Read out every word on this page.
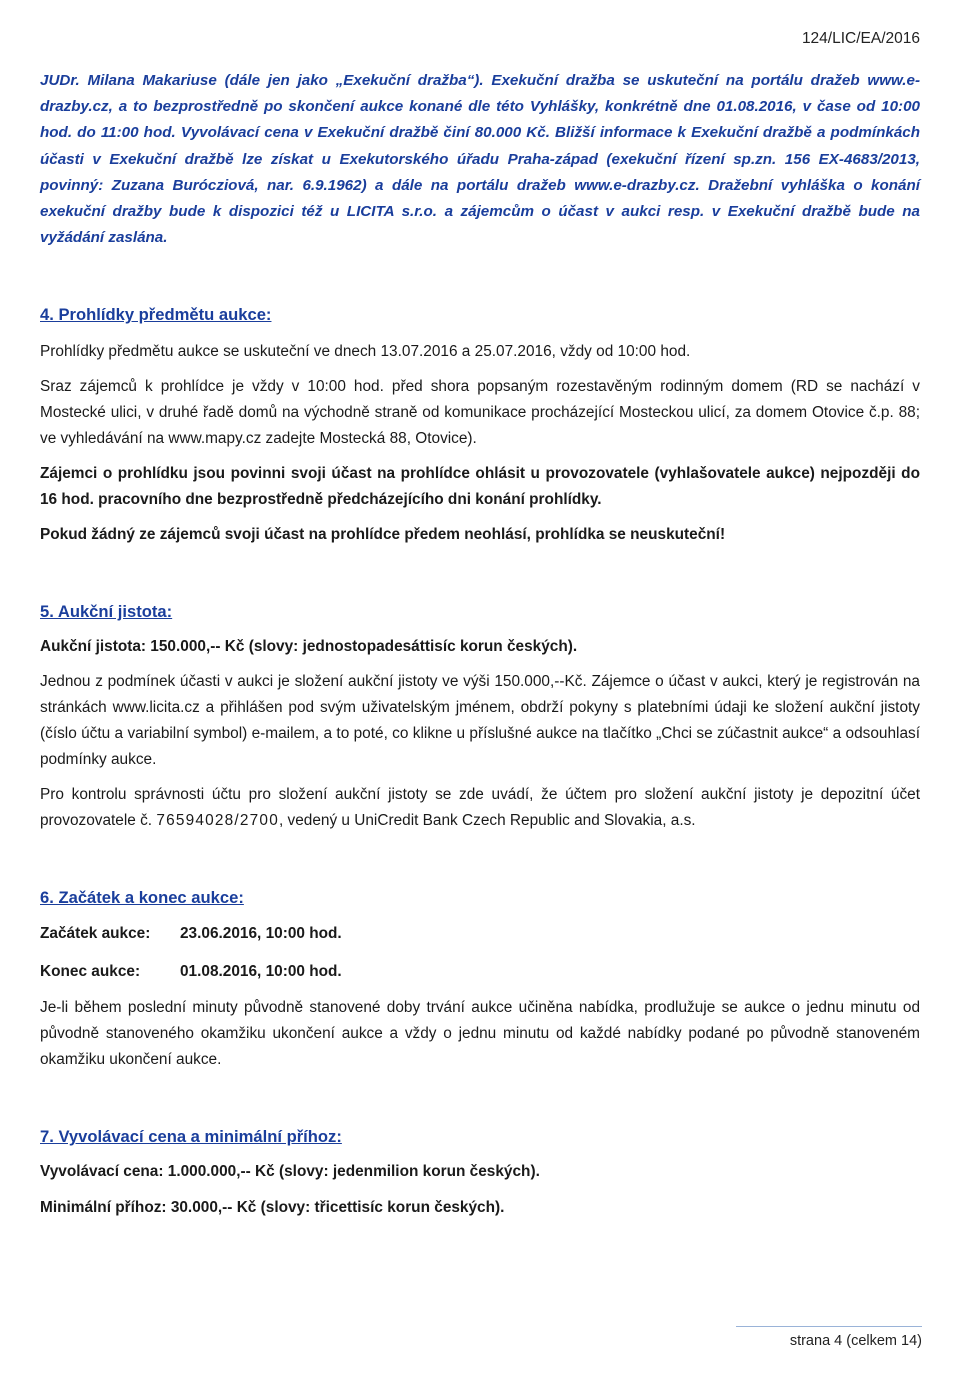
124/LIC/EA/2016

JUDr. Milana Makariuse (dále jen jako „Exekuční dražba“). Exekuční dražba se uskuteční na portálu dražeb www.e-drazby.cz, a to bezprostředně po skončení aukce konané dle této Vyhlášky, konkrétně dne 01.08.2016, v čase od 10:00 hod. do 11:00 hod. Vyvolávací cena v Exekuční dražbě činí 80.000 Kč. Bližší informace k Exekuční dražbě a podmínkách účasti v Exekuční dražbě lze získat u Exekutorského úřadu Praha-západ (exekuční řízení sp.zn. 156 EX-4683/2013, povinný: Zuzana Burócziová, nar. 6.9.1962) a dále na portálu dražeb www.e-drazby.cz. Dražební vyhláška o konání exekuční dražby bude k dispozici též u LICITA s.r.o. a zájemcům o účast v aukci resp. v Exekuční dražbě bude na vyžádání zaslána.

4. Prohlídky předmětu aukce:

Prohlídky předmětu aukce se uskuteční ve dnech 13.07.2016 a 25.07.2016, vždy od 10:00 hod.

Sraz zájemců k prohlídce je vždy v 10:00 hod. před shora popsaným rozestavěným rodinným domem (RD se nachází v Mostecké ulici, v druhé řadě domů na východně straně od komunikace procházející Mosteckou ulicí, za domem Otovice č.p. 88; ve vyhledávání na www.mapy.cz zadejte Mostecká 88, Otovice).

Zájemci o prohlídku jsou povinni svoji účast na prohlídce ohlásit u provozovatele (vyhlašovatele aukce) nejpozději do 16 hod. pracovního dne bezprostředně předcházejícího dni konání prohlídky.

Pokud žádný ze zájemců svoji účast na prohlídce předem neohlásí, prohlídka se neuskuteční!

5. Aukční jistota:

Aukční jistota: 150.000,-- Kč (slovy: jednostopadesáttisíc korun českých).

Jednou z podmínek účasti v aukci je složení aukční jistoty ve výši 150.000,--Kč. Zájemce o účast v aukci, který je registrován na stránkách www.licita.cz a přihlášen pod svým uživatelským jménem, obdrží pokyny s platebními údaji ke složení aukční jistoty (číslo účtu a variabilní symbol) e-mailem, a to poté, co klikne u příslušné aukce na tlačítko „Chci se zúčastnit aukce“ a odsouhlasí podmínky aukce.

Pro kontrolu správnosti účtu pro složení aukční jistoty se zde uvádí, že účtem pro složení aukční jistoty je depozitní účet provozovatele č. 76594028/2700, vedený u UniCredit Bank Czech Republic and Slovakia, a.s.

6. Začátek a konec aukce:
Začátek aukce:	23.06.2016, 10:00 hod.
Konec aukce:	01.08.2016, 10:00 hod.

Je-li během poslední minuty původně stanovené doby trvání aukce učiněna nabídka, prodlužuje se aukce o jednu minutu od původně stanoveného okamžiku ukončení aukce a vždy o jednu minutu od každé nabídky podané po původně stanoveném okamžiku ukončení aukce.

7. Vyvolávací cena a minimální příhoz:

Vyvolávací cena: 1.000.000,-- Kč (slovy: jedenmilion korun českých).

Minimální příhoz: 30.000,-- Kč (slovy: třicettisíc korun českých).

strana 4 (celkem 14)
